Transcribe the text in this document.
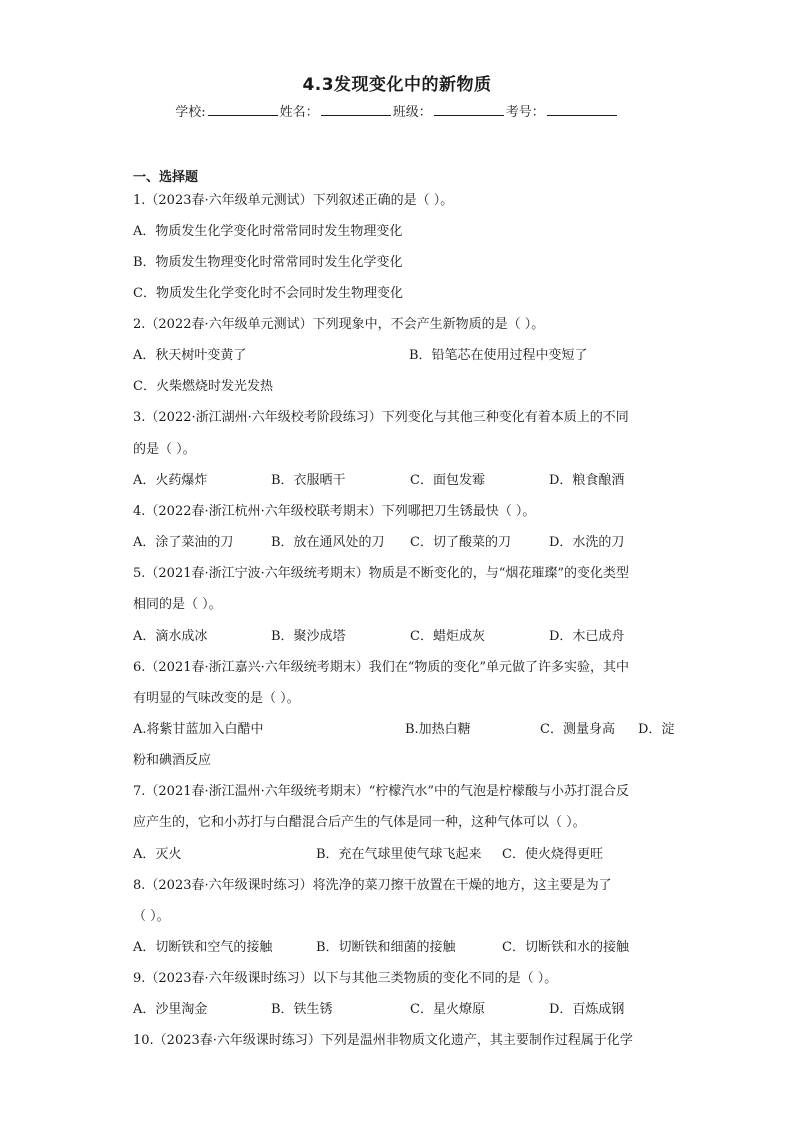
4.3发现变化中的新物质
学校:	姓名：	班级：	考号：
一、选择题
1.（2023春·六年级单元测试）下列叙述正确的是（ ）。
A．物质发生化学变化时常常同时发生物理变化
B．物质发生物理变化时常常同时发生化学变化
C．物质发生化学变化时不会同时发生物理变化
2.（2022春·六年级单元测试）下列现象中，不会产生新物质的是（ ）。
A．秋天树叶变黄了	B．铅笔芯在使用过程中变短了
C．火柴燃烧时发光发热
3.（2022·浙江湖州·六年级校考阶段练习）下列变化与其他三种变化有着本质上的不同
的是（ ）。
A．火药爆炸	B．衣服晒干	C．面包发霉	D．粮食酿酒
4.（2022春·浙江杭州·六年级校联考期末）下列哪把刀生锈最快（ ）。
A．涂了菜油的刀	B．放在通风处的刀 C．切了酸菜的刀	D．水洗的刀
5.（2021春·浙江宁波·六年级统考期末）物质是不断变化的，与“烟花璀璨”的变化类型
相同的是（ ）。
A．滴水成冰	B．聚沙成塔	C．蜡炬成灰	D．木已成舟
6.（2021春·浙江嘉兴·六年级统考期末）我们在“物质的变化”单元做了许多实验，其中
有明显的气味改变的是（ ）。
A.将紫甘蓝加入白醋中	B.加热白糖	C．测量身高 D．淀
粉和碘酒反应
7.（2021春·浙江温州·六年级统考期末）“柠檬汽水”中的气泡是柠檬酸与小苏打混合反
应产生的，它和小苏打与白醋混合后产生的气体是同一种，这种气体可以（ ）。
A．灭火	B．充在气球里使气球飞起来 C．使火烧得更旺
8.（2023春·六年级课时练习）将洗净的菜刀擦干放置在干燥的地方，这主要是为了
（ ）。
A．切断铁和空气的接触	B．切断铁和细菌的接触	C．切断铁和水的接触
9.（2023春·六年级课时练习）以下与其他三类物质的变化不同的是（ ）。
A．沙里淘金	B．铁生锈	C．星火燎原	D．百炼成钢
10.（2023春·六年级课时练习）下列是温州非物质文化遗产，其主要制作过程属于化学
